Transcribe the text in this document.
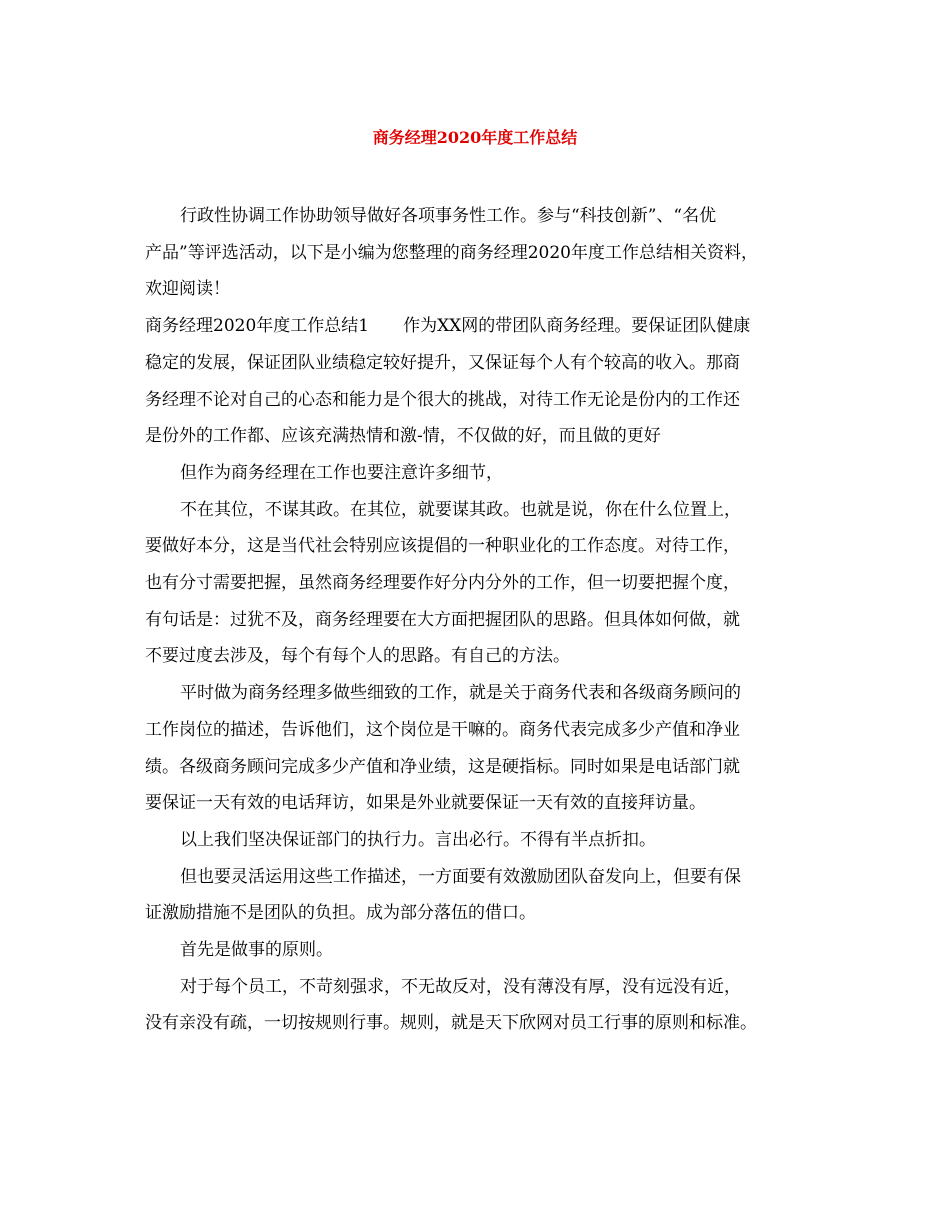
商务经理2020年度工作总结

行政性协调工作协助领导做好各项事务性工作。参与“科技创新”、“名优

产品”等评选活动，以下是小编为您整理的商务经理2020年度工作总结相关资料，

欢迎阅读！

商务经理2020年度工作总结1　　作为XX网的带团队商务经理。要保证团队健康

稳定的发展，保证团队业绩稳定较好提升，又保证每个人有个较高的收入。那商

务经理不论对自己的心态和能力是个很大的挑战，对待工作无论是份内的工作还

是份外的工作都、应该充满热情和激-情，不仅做的好，而且做的更好

但作为商务经理在工作也要注意许多细节，

不在其位，不谋其政。在其位，就要谋其政。也就是说，你在什么位置上，

要做好本分，这是当代社会特别应该提倡的一种职业化的工作态度。对待工作，

也有分寸需要把握，虽然商务经理要作好分内分外的工作，但一切要把握个度，

有句话是：过犹不及，商务经理要在大方面把握团队的思路。但具体如何做，就

不要过度去涉及，每个有每个人的思路。有自己的方法。

平时做为商务经理多做些细致的工作，就是关于商务代表和各级商务顾问的

工作岗位的描述，告诉他们，这个岗位是干嘛的。商务代表完成多少产值和净业

绩。各级商务顾问完成多少产值和净业绩，这是硬指标。同时如果是电话部门就

要保证一天有效的电话拜访，如果是外业就要保证一天有效的直接拜访量。

以上我们坚决保证部门的执行力。言出必行。不得有半点折扣。

但也要灵活运用这些工作描述，一方面要有效激励团队奋发向上，但要有保

证激励措施不是团队的负担。成为部分落伍的借口。

首先是做事的原则。

对于每个员工，不苛刻强求，不无故反对，没有薄没有厚，没有远没有近，

没有亲没有疏，一切按规则行事。规则，就是天下欣网对员工行事的原则和标准。
